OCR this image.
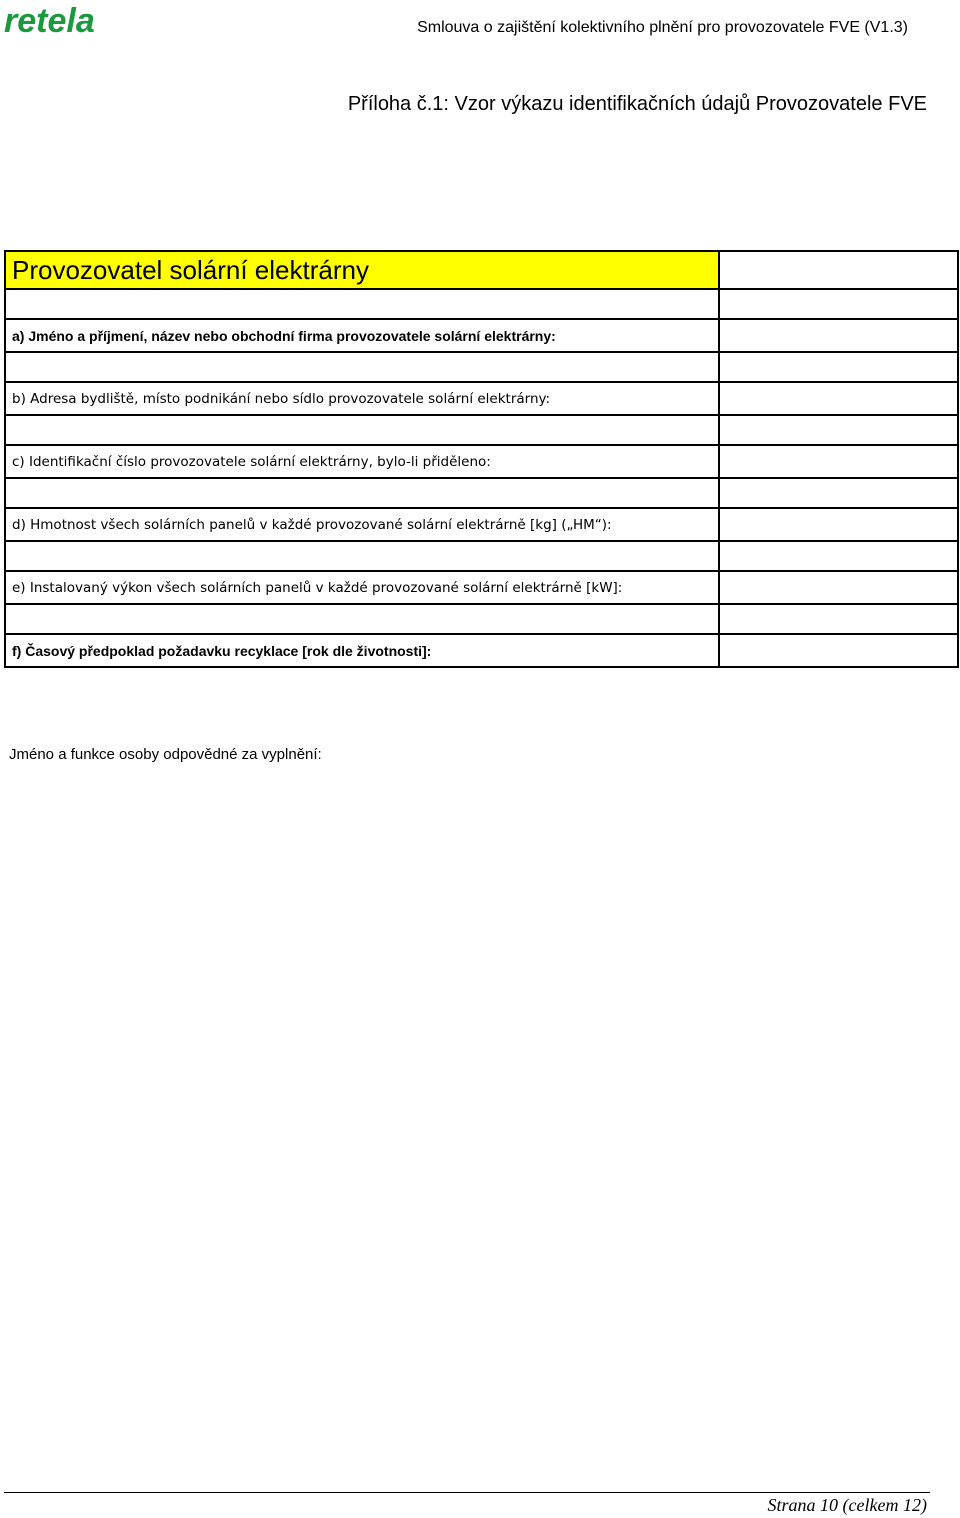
retela	Smlouva o zajištění kolektivního plnění pro provozovatele FVE (V1.3)
Příloha č.1: Vzor výkazu identifikačních údajů Provozovatele FVE
Provozovatel solární elektrárny	

a) Jméno a příjmení, název nebo obchodní firma provozovatele solární elektrárny:	

b) Adresa bydliště, místo podnikání nebo sídlo provozovatele solární elektrárny:	

c) Identifikační číslo provozovatele solární elektrárny, bylo-li přiděleno:	

d) Hmotnost všech solárních panelů v každé provozované solární elektrárně [kg] („HM“):	

e) Instalovaný výkon všech solárních panelů v každé provozované solární elektrárně [kW]:	

f) Časový předpoklad požadavku recyklace [rok dle životnosti]:	
Jméno a funkce osoby odpovědné za vyplnění:
Strana 10 (celkem 12)
